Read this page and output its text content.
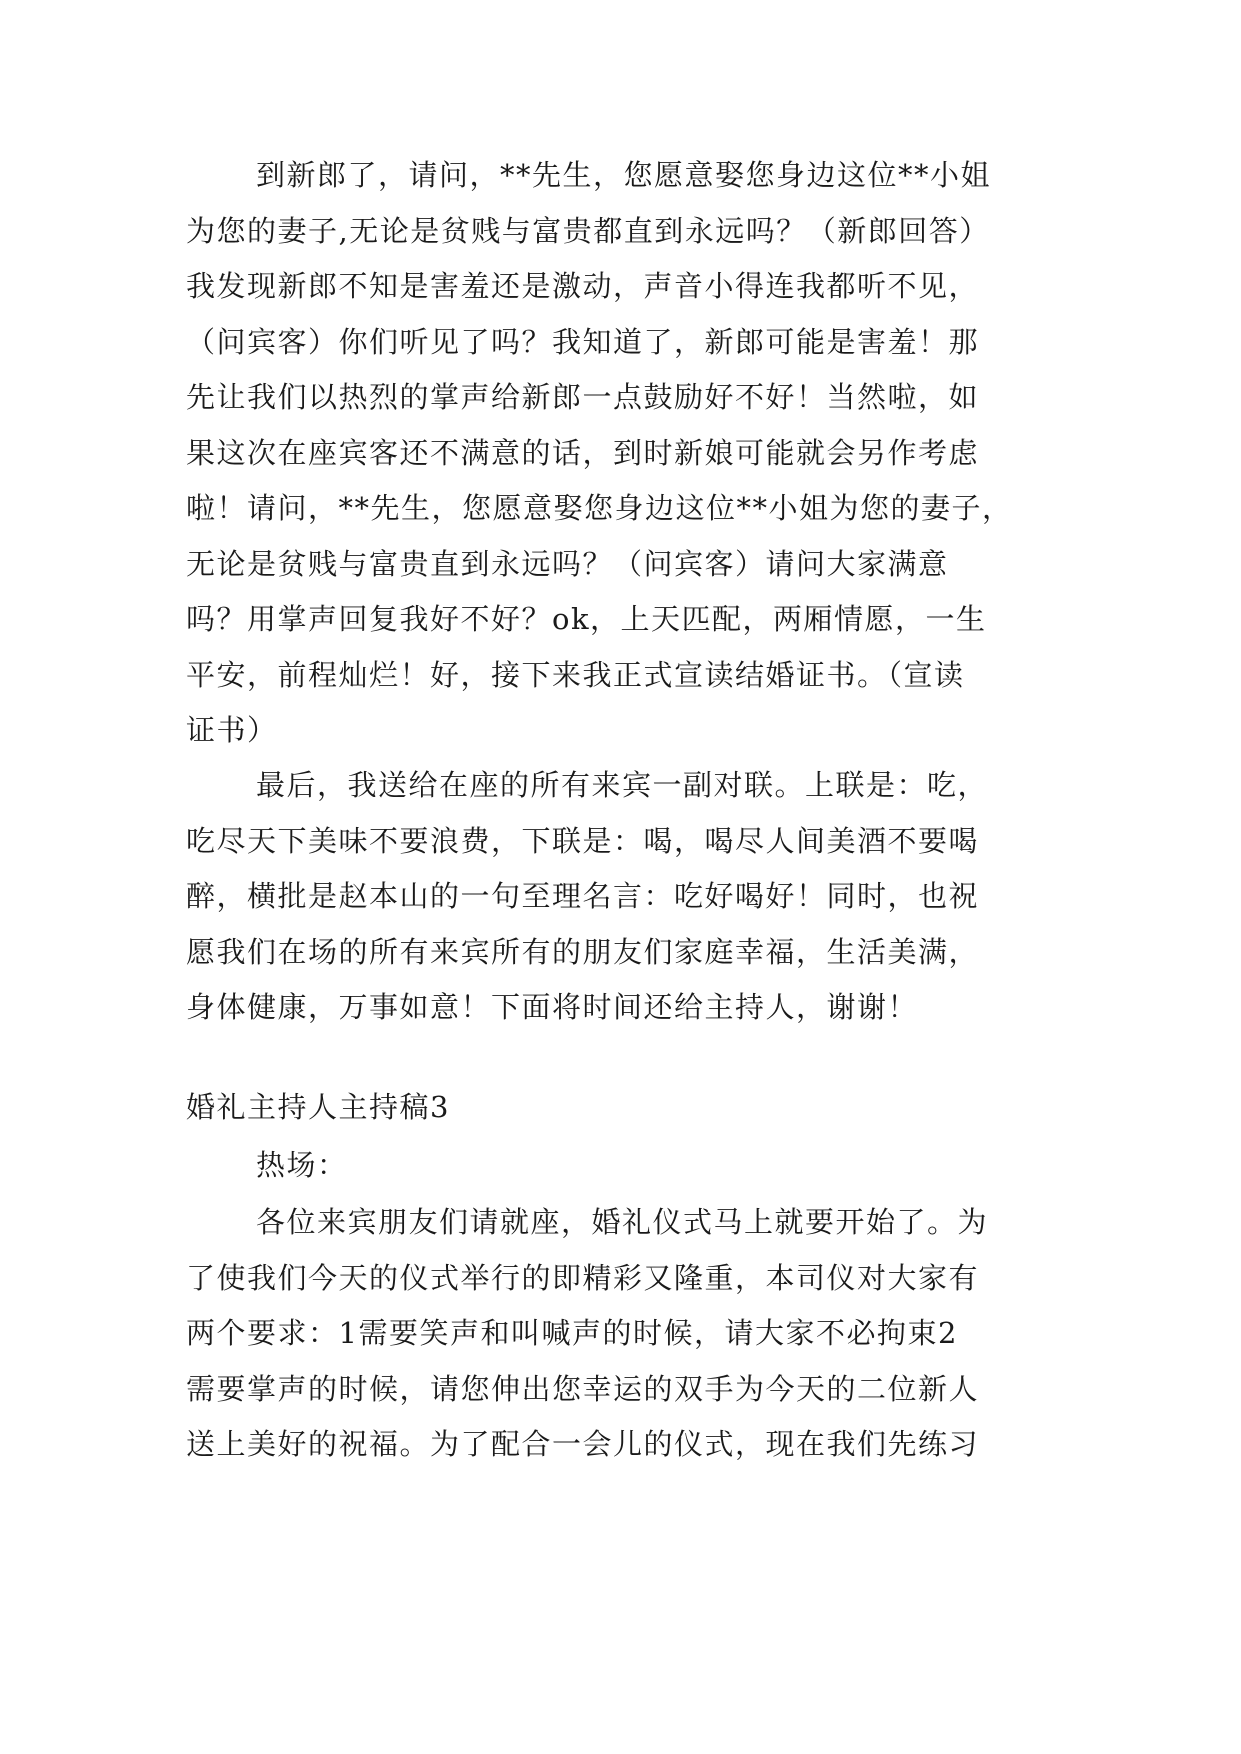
到新郎了，请问，**先生，您愿意娶您身边这位**小姐
为您的妻子,无论是贫贱与富贵都直到永远吗？（新郎回答）
我发现新郎不知是害羞还是激动，声音小得连我都听不见，
（问宾客）你们听见了吗？我知道了，新郎可能是害羞！那
先让我们以热烈的掌声给新郎一点鼓励好不好！当然啦，如
果这次在座宾客还不满意的话，到时新娘可能就会另作考虑
啦！请问，**先生，您愿意娶您身边这位**小姐为您的妻子，
无论是贫贱与富贵直到永远吗？（问宾客）请问大家满意
吗？用掌声回复我好不好？ok，上天匹配，两厢情愿，一生
平安，前程灿烂！好，接下来我正式宣读结婚证书。（宣读
证书）
最后，我送给在座的所有来宾一副对联。上联是：吃，
吃尽天下美味不要浪费，下联是：喝，喝尽人间美酒不要喝
醉，横批是赵本山的一句至理名言：吃好喝好！同时，也祝
愿我们在场的所有来宾所有的朋友们家庭幸福，生活美满，
身体健康，万事如意！下面将时间还给主持人，谢谢！
婚礼主持人主持稿3
热场：
各位来宾朋友们请就座，婚礼仪式马上就要开始了。为
了使我们今天的仪式举行的即精彩又隆重，本司仪对大家有
两个要求：1需要笑声和叫喊声的时候，请大家不必拘束2
需要掌声的时候，请您伸出您幸运的双手为今天的二位新人
送上美好的祝福。为了配合一会儿的仪式，现在我们先练习
